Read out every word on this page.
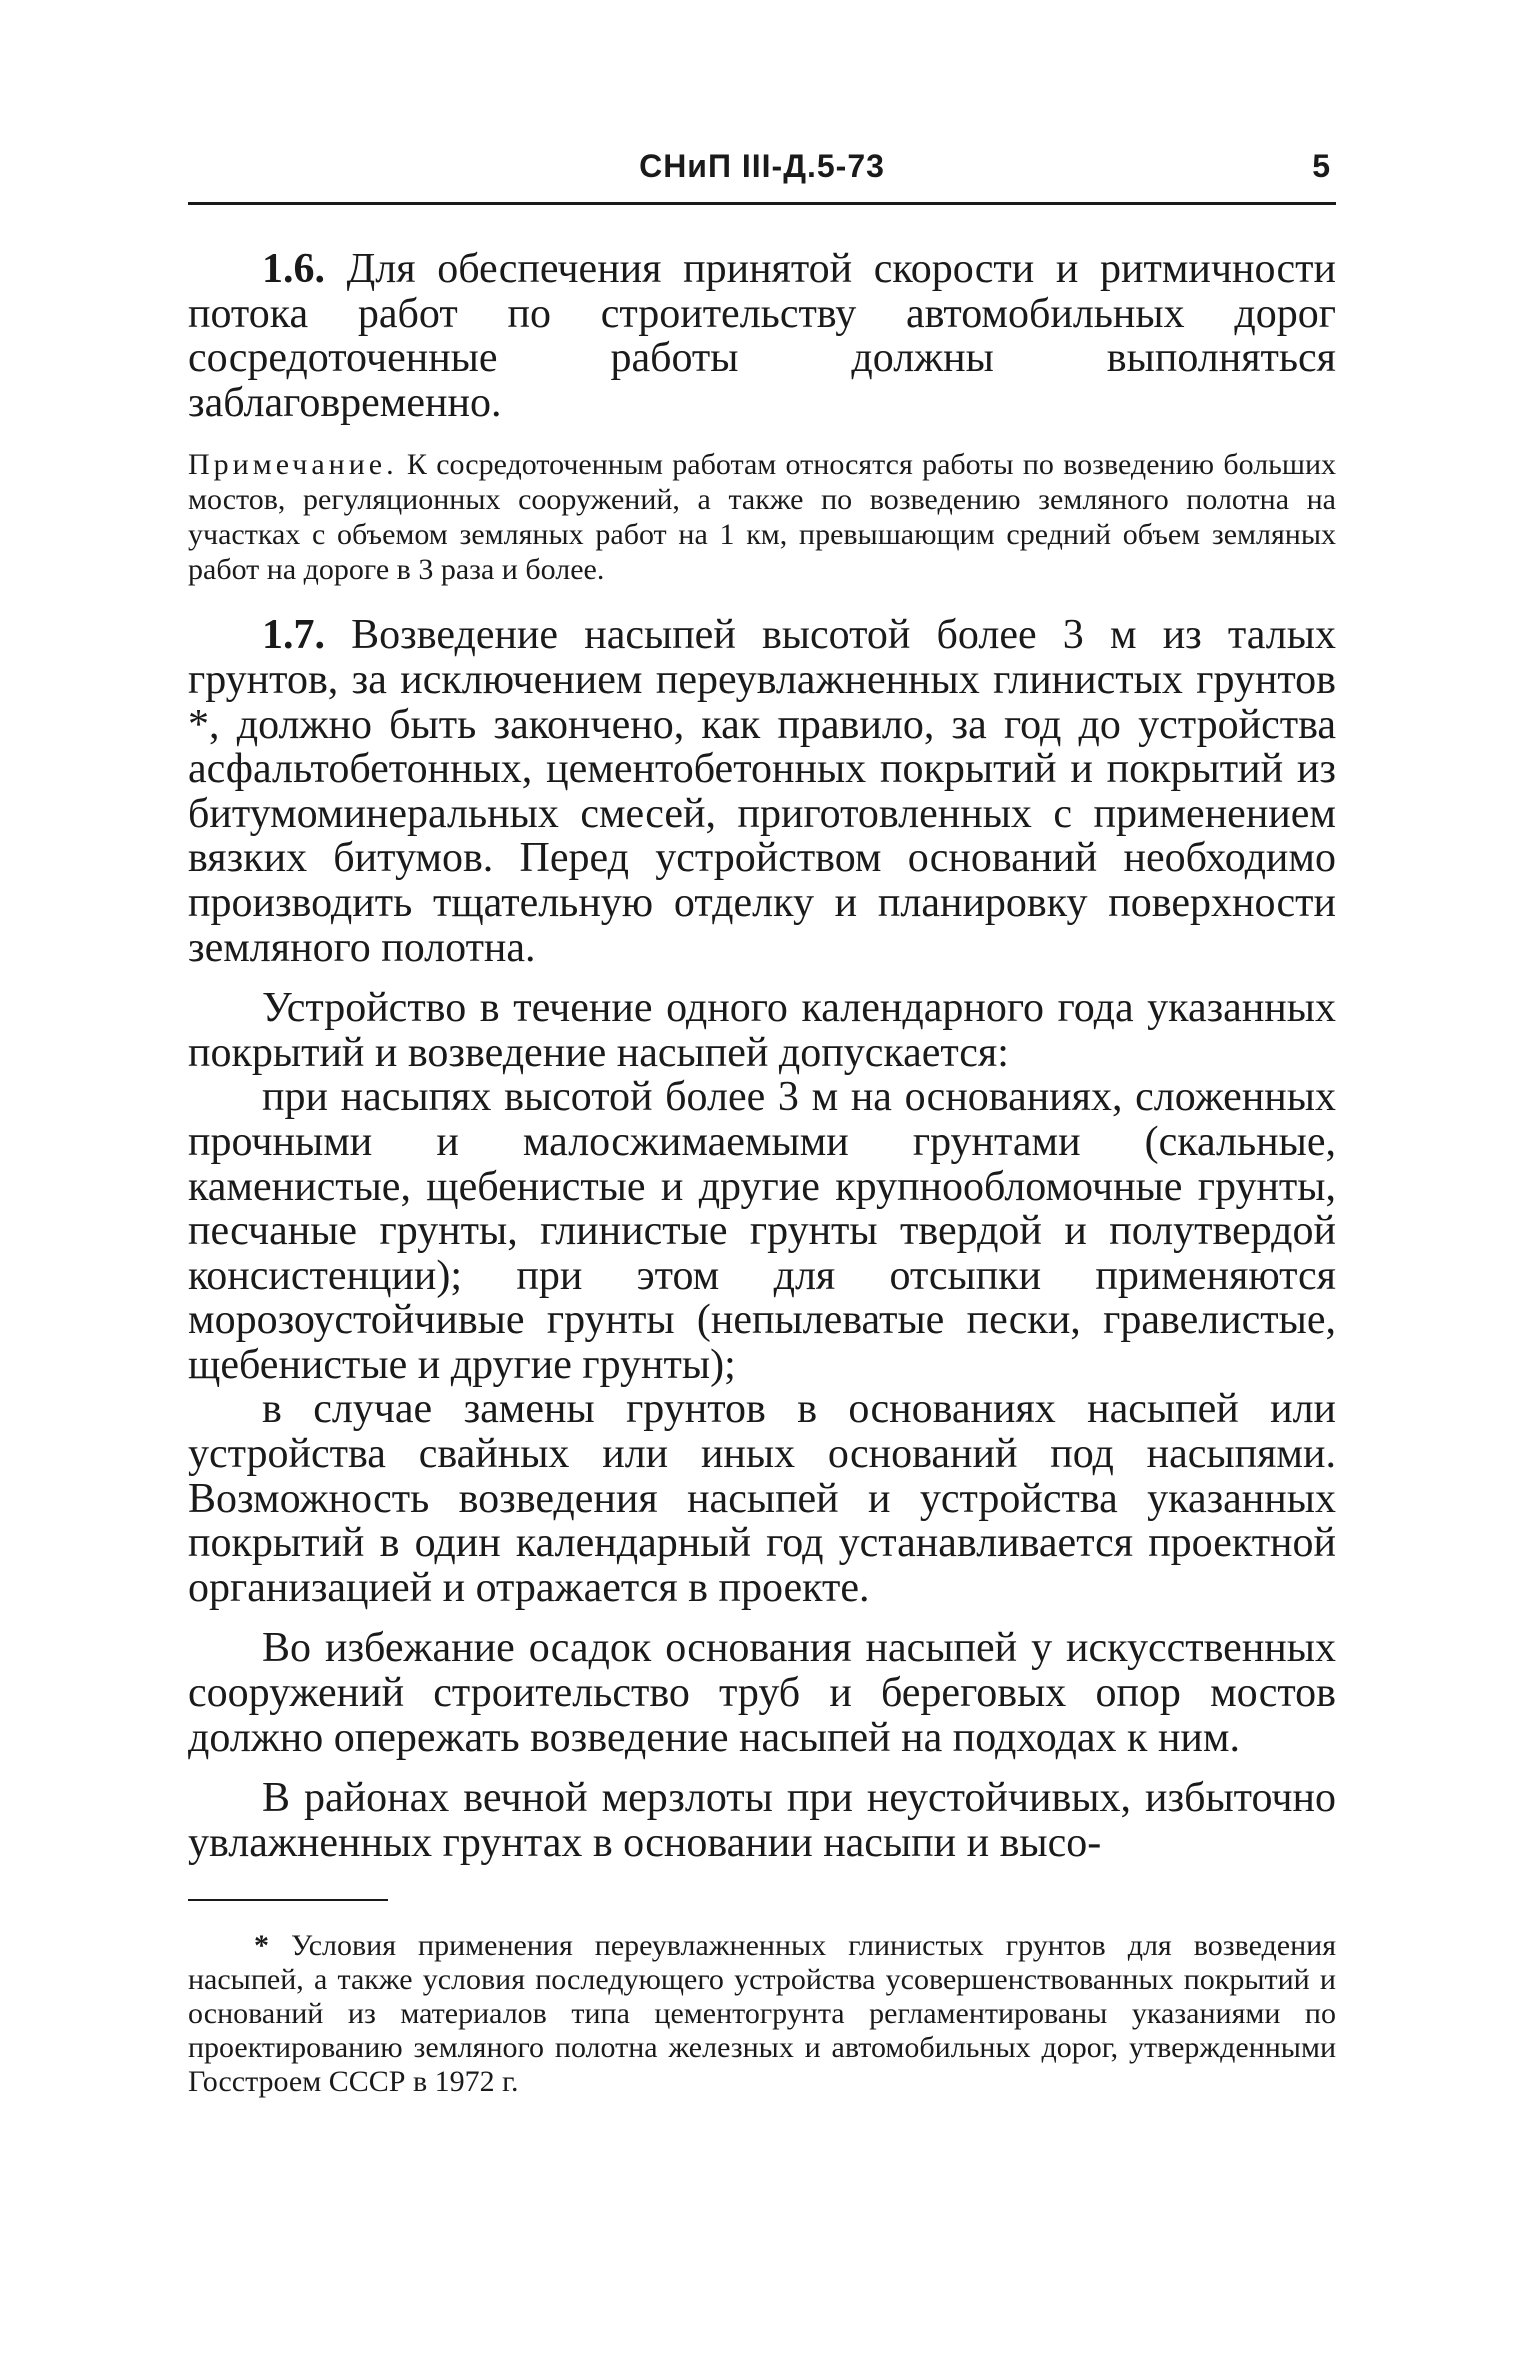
СНиП III-Д.5-73	5

1.6. Для обеспечения принятой скорости и ритмичности потока работ по строительству автомобильных дорог сосредоточенные работы должны выполняться заблаговременно.

Примечание. К сосредоточенным работам относятся работы по возведению больших мостов, регуляционных сооружений, а также по возведению земляного полотна на участках с объемом земляных работ на 1 км, превышающим средний объем земляных работ на дороге в 3 раза и более.

1.7. Возведение насыпей высотой более 3 м из талых грунтов, за исключением переувлажненных глинистых грунтов *, должно быть закончено, как правило, за год до устройства асфальтобетонных, цементобетонных покрытий и покрытий из битумоминеральных смесей, приготовленных с применением вязких битумов. Перед устройством оснований необходимо производить тщательную отделку и планировку поверхности земляного полотна.

Устройство в течение одного календарного года указанных покрытий и возведение насыпей допускается:

при насыпях высотой более 3 м на основаниях, сложенных прочными и малосжимаемыми грунтами (скальные, каменистые, щебенистые и другие крупнообломочные грунты, песчаные грунты, глинистые грунты твердой и полутвердой консистенции); при этом для отсыпки применяются морозоустойчивые грунты (непылеватые пески, гравелистые, щебенистые и другие грунты);

в случае замены грунтов в основаниях насыпей или устройства свайных или иных оснований под насыпями. Возможность возведения насыпей и устройства указанных покрытий в один календарный год устанавливается проектной организацией и отражается в проекте.

Во избежание осадок основания насыпей у искусственных сооружений строительство труб и береговых опор мостов должно опережать возведение насыпей на подходах к ним.

В районах вечной мерзлоты при неустойчивых, избыточно увлажненных грунтах в основании насыпи и высо-

* Условия применения переувлажненных глинистых грунтов для возведения насыпей, а также условия последующего устройства усовершенствованных покрытий и оснований из материалов типа цементогрунта регламентированы указаниями по проектированию земляного полотна железных и автомобильных дорог, утвержденными Госстроем СССР в 1972 г.
